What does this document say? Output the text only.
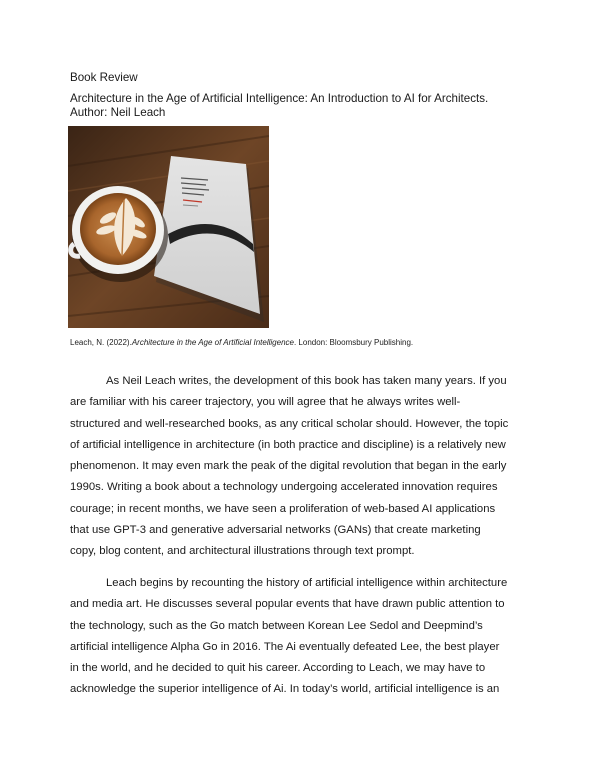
Book Review
Architecture in the Age of Artificial Intelligence: An Introduction to AI for Architects.
Author: Neil Leach
Leach, N. (2022).Architecture in the Age of Artificial Intelligence. London: Bloomsbury Publishing.
As Neil Leach writes, the development of this book has taken many years. If you
are familiar with his career trajectory, you will agree that he always writes well-
structured and well-researched books, as any critical scholar should. However, the topic
of artificial intelligence in architecture (in both practice and discipline) is a relatively new
phenomenon. It may even mark the peak of the digital revolution that began in the early
1990s. Writing a book about a technology undergoing accelerated innovation requires
courage; in recent months, we have seen a proliferation of web-based AI applications
that use GPT-3 and generative adversarial networks (GANs) that create marketing
copy, blog content, and architectural illustrations through text prompt.
Leach begins by recounting the history of artificial intelligence within architecture
and media art. He discusses several popular events that have drawn public attention to
the technology, such as the Go match between Korean Lee Sedol and Deepmind’s
artificial intelligence Alpha Go in 2016. The Ai eventually defeated Lee, the best player
in the world, and he decided to quit his career. According to Leach, we may have to
acknowledge the superior intelligence of Ai. In today’s world, artificial intelligence is an
